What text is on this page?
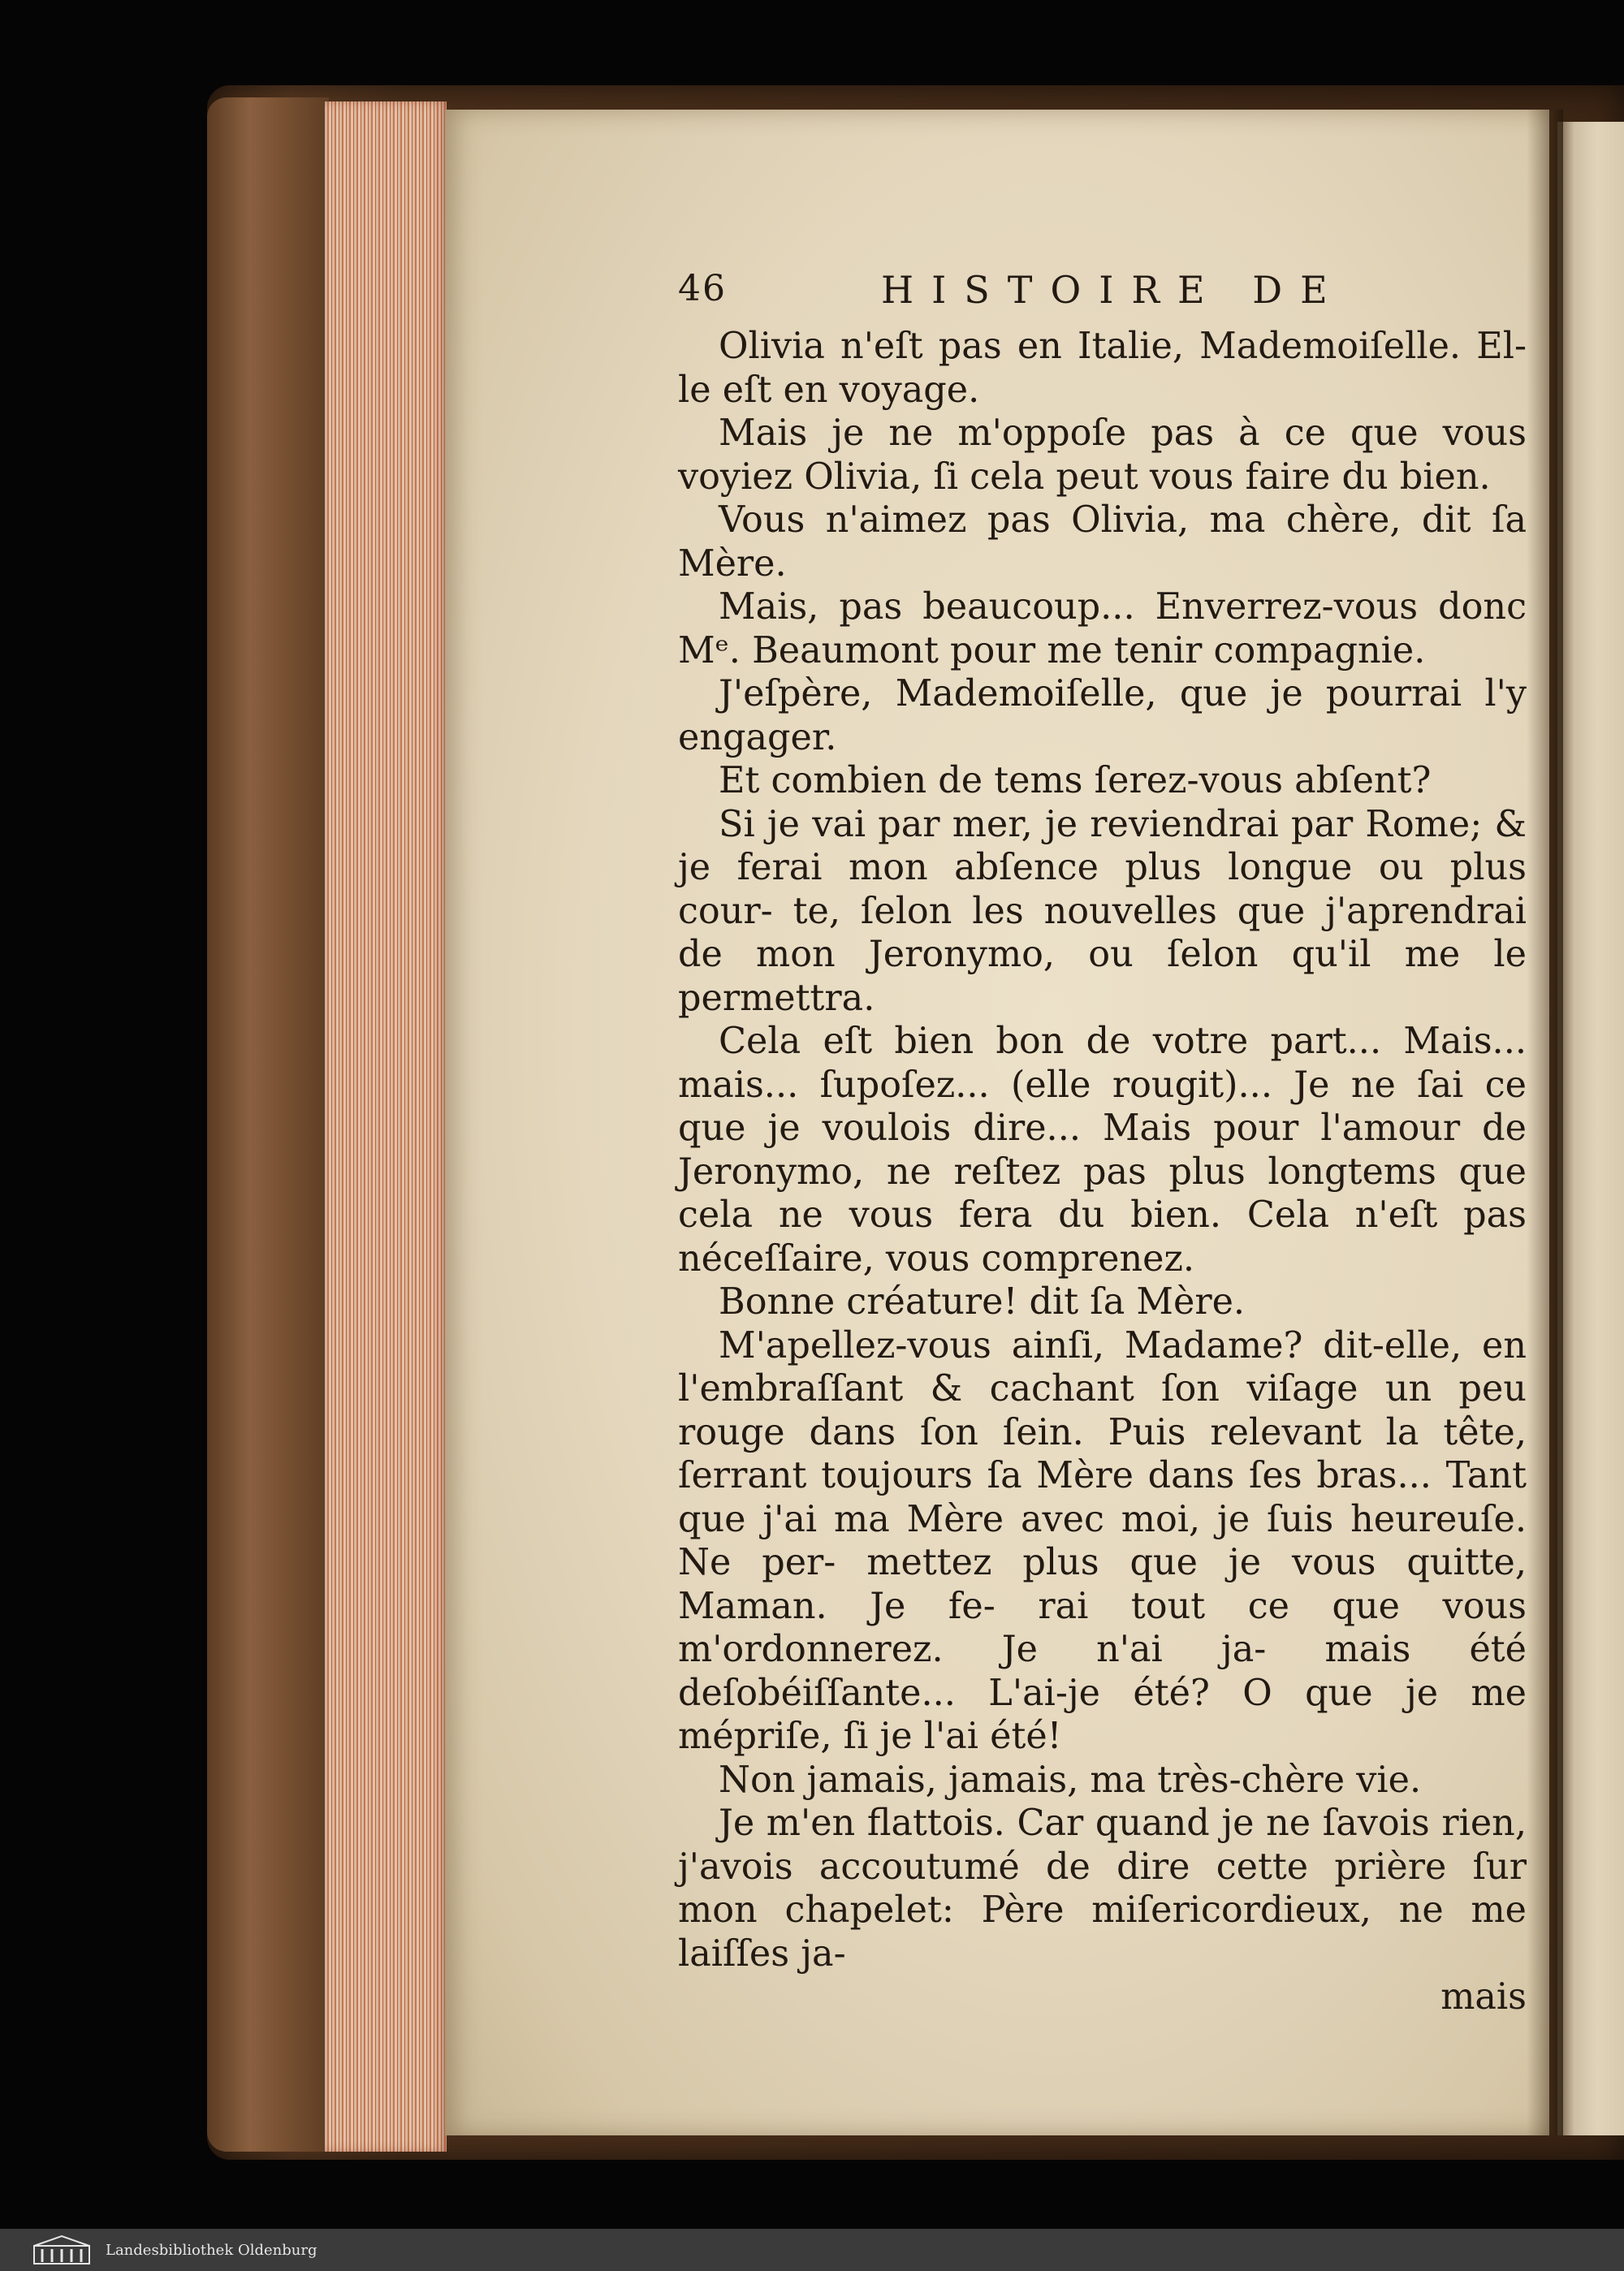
46	HISTOIRE DE

Olivia n'eſt pas en Italie, Mademoiſelle. El- le eſt en voyage.

Mais je ne m'oppoſe pas à ce que vous voyiez Olivia, ſi cela peut vous faire du bien.

Vous n'aimez pas Olivia, ma chère, dit ſa Mère.

Mais, pas beaucoup... Enverrez-vous donc Mᵉ. Beaumont pour me tenir compagnie.

J'eſpère, Mademoiſelle, que je pourrai l'y engager.

Et combien de tems ſerez-vous abſent?

Si je vai par mer, je reviendrai par Rome; & je ferai mon abſence plus longue ou plus cour- te, ſelon les nouvelles que j'aprendrai de mon Jeronymo, ou ſelon qu'il me le permettra.

Cela eſt bien bon de votre part... Mais... mais... ſupoſez... (elle rougit)... Je ne ſai ce que je voulois dire... Mais pour l'amour de Jeronymo, ne reſtez pas plus longtems que cela ne vous fera du bien. Cela n'eſt pas néceſſaire, vous comprenez.

Bonne créature! dit ſa Mère.

M'apellez-vous ainſi, Madame? dit-elle, en l'embraſſant & cachant ſon viſage un peu rouge dans ſon ſein. Puis relevant la tête, ſerrant toujours ſa Mère dans ſes bras... Tant que j'ai ma Mère avec moi, je ſuis heureuſe. Ne per- mettez plus que je vous quitte, Maman. Je fe- rai tout ce que vous m'ordonnerez. Je n'ai ja- mais été deſobéiſſante... L'ai-je été? O que je me mépriſe, ſi je l'ai été!

Non jamais, jamais, ma très-chère vie.

Je m'en flattois. Car quand je ne ſavois rien, j'avois accoutumé de dire cette prière ſur mon chapelet: Père miſericordieux, ne me laiſſes ja-

mais
Landesbibliothek Oldenburg
